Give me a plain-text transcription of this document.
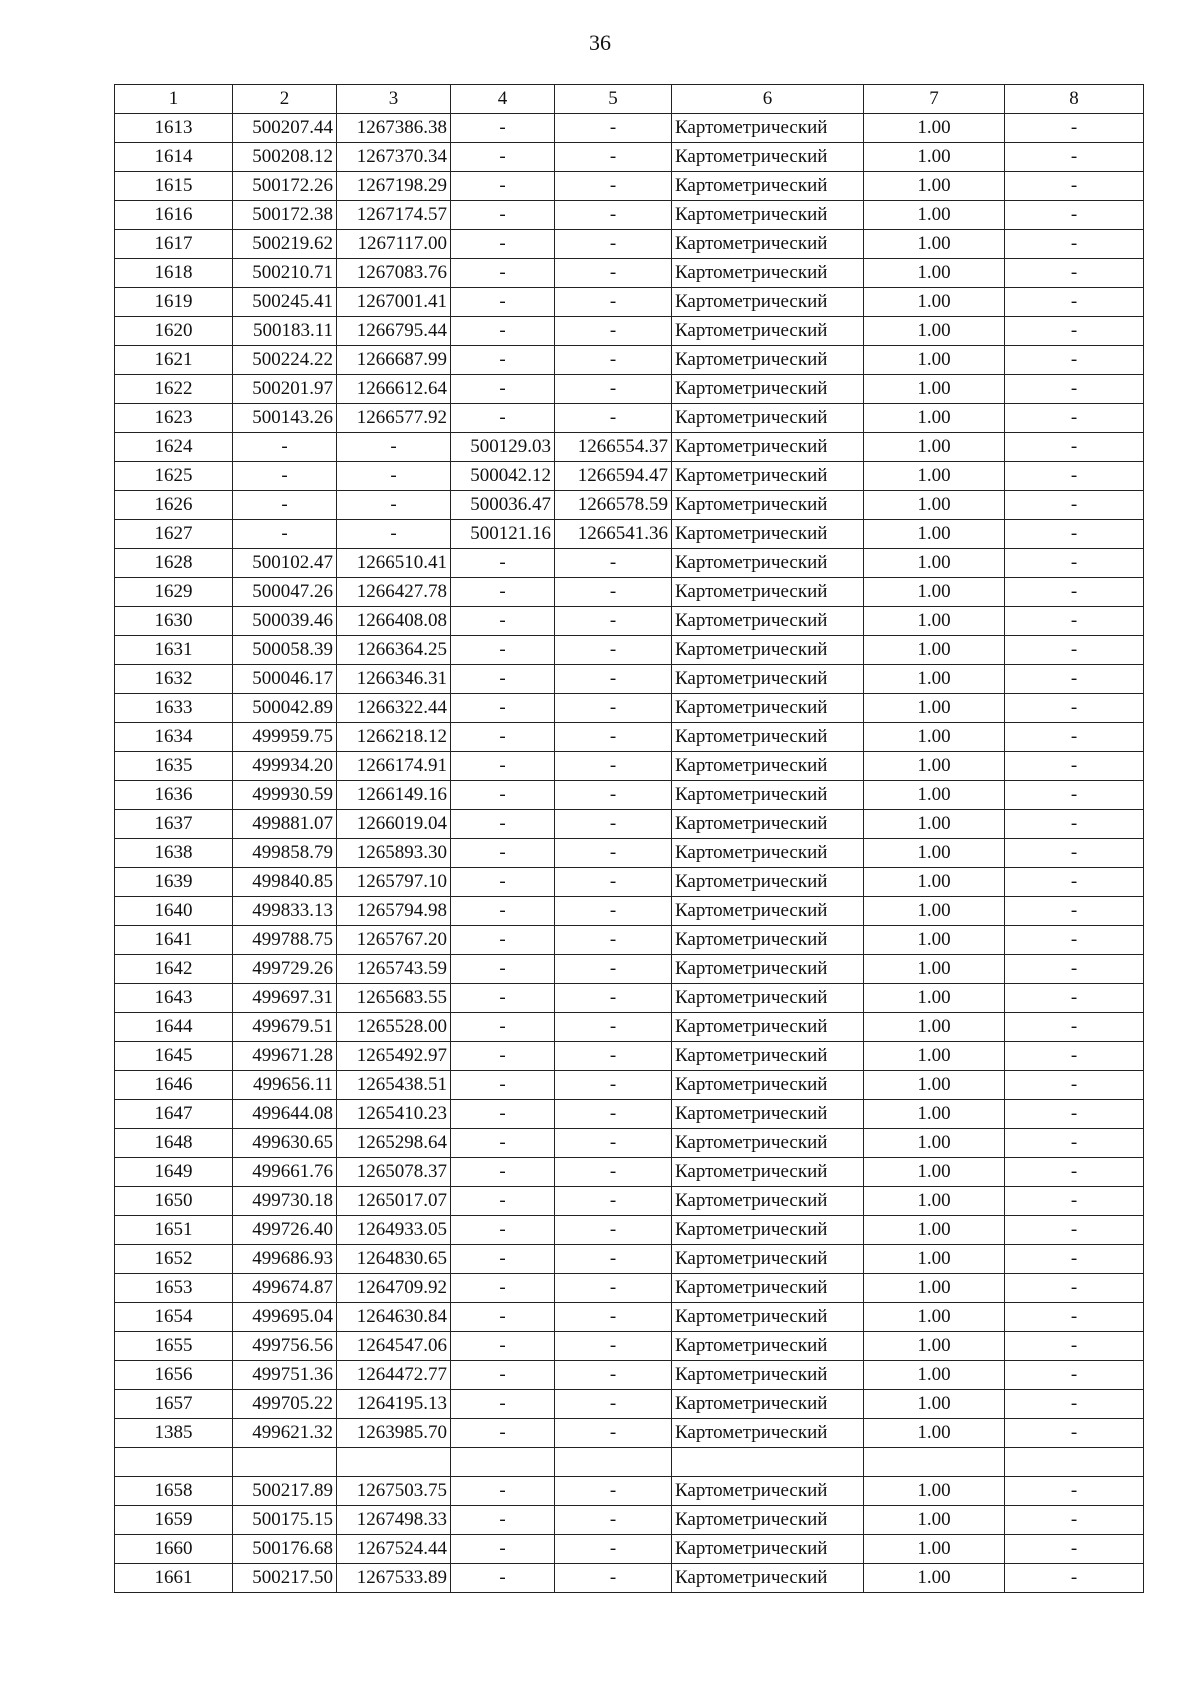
36
1	2	3	4	5	6	7	8
1613	500207.44	1267386.38	-	-	Картометрический	1.00	-
1614	500208.12	1267370.34	-	-	Картометрический	1.00	-
1615	500172.26	1267198.29	-	-	Картометрический	1.00	-
1616	500172.38	1267174.57	-	-	Картометрический	1.00	-
1617	500219.62	1267117.00	-	-	Картометрический	1.00	-
1618	500210.71	1267083.76	-	-	Картометрический	1.00	-
1619	500245.41	1267001.41	-	-	Картометрический	1.00	-
1620	500183.11	1266795.44	-	-	Картометрический	1.00	-
1621	500224.22	1266687.99	-	-	Картометрический	1.00	-
1622	500201.97	1266612.64	-	-	Картометрический	1.00	-
1623	500143.26	1266577.92	-	-	Картометрический	1.00	-
1624	-	-	500129.03	1266554.37	Картометрический	1.00	-
1625	-	-	500042.12	1266594.47	Картометрический	1.00	-
1626	-	-	500036.47	1266578.59	Картометрический	1.00	-
1627	-	-	500121.16	1266541.36	Картометрический	1.00	-
1628	500102.47	1266510.41	-	-	Картометрический	1.00	-
1629	500047.26	1266427.78	-	-	Картометрический	1.00	-
1630	500039.46	1266408.08	-	-	Картометрический	1.00	-
1631	500058.39	1266364.25	-	-	Картометрический	1.00	-
1632	500046.17	1266346.31	-	-	Картометрический	1.00	-
1633	500042.89	1266322.44	-	-	Картометрический	1.00	-
1634	499959.75	1266218.12	-	-	Картометрический	1.00	-
1635	499934.20	1266174.91	-	-	Картометрический	1.00	-
1636	499930.59	1266149.16	-	-	Картометрический	1.00	-
1637	499881.07	1266019.04	-	-	Картометрический	1.00	-
1638	499858.79	1265893.30	-	-	Картометрический	1.00	-
1639	499840.85	1265797.10	-	-	Картометрический	1.00	-
1640	499833.13	1265794.98	-	-	Картометрический	1.00	-
1641	499788.75	1265767.20	-	-	Картометрический	1.00	-
1642	499729.26	1265743.59	-	-	Картометрический	1.00	-
1643	499697.31	1265683.55	-	-	Картометрический	1.00	-
1644	499679.51	1265528.00	-	-	Картометрический	1.00	-
1645	499671.28	1265492.97	-	-	Картометрический	1.00	-
1646	499656.11	1265438.51	-	-	Картометрический	1.00	-
1647	499644.08	1265410.23	-	-	Картометрический	1.00	-
1648	499630.65	1265298.64	-	-	Картометрический	1.00	-
1649	499661.76	1265078.37	-	-	Картометрический	1.00	-
1650	499730.18	1265017.07	-	-	Картометрический	1.00	-
1651	499726.40	1264933.05	-	-	Картометрический	1.00	-
1652	499686.93	1264830.65	-	-	Картометрический	1.00	-
1653	499674.87	1264709.92	-	-	Картометрический	1.00	-
1654	499695.04	1264630.84	-	-	Картометрический	1.00	-
1655	499756.56	1264547.06	-	-	Картометрический	1.00	-
1656	499751.36	1264472.77	-	-	Картометрический	1.00	-
1657	499705.22	1264195.13	-	-	Картометрический	1.00	-
1385	499621.32	1263985.70	-	-	Картометрический	1.00	-

1658	500217.89	1267503.75	-	-	Картометрический	1.00	-
1659	500175.15	1267498.33	-	-	Картометрический	1.00	-
1660	500176.68	1267524.44	-	-	Картометрический	1.00	-
1661	500217.50	1267533.89	-	-	Картометрический	1.00	-
